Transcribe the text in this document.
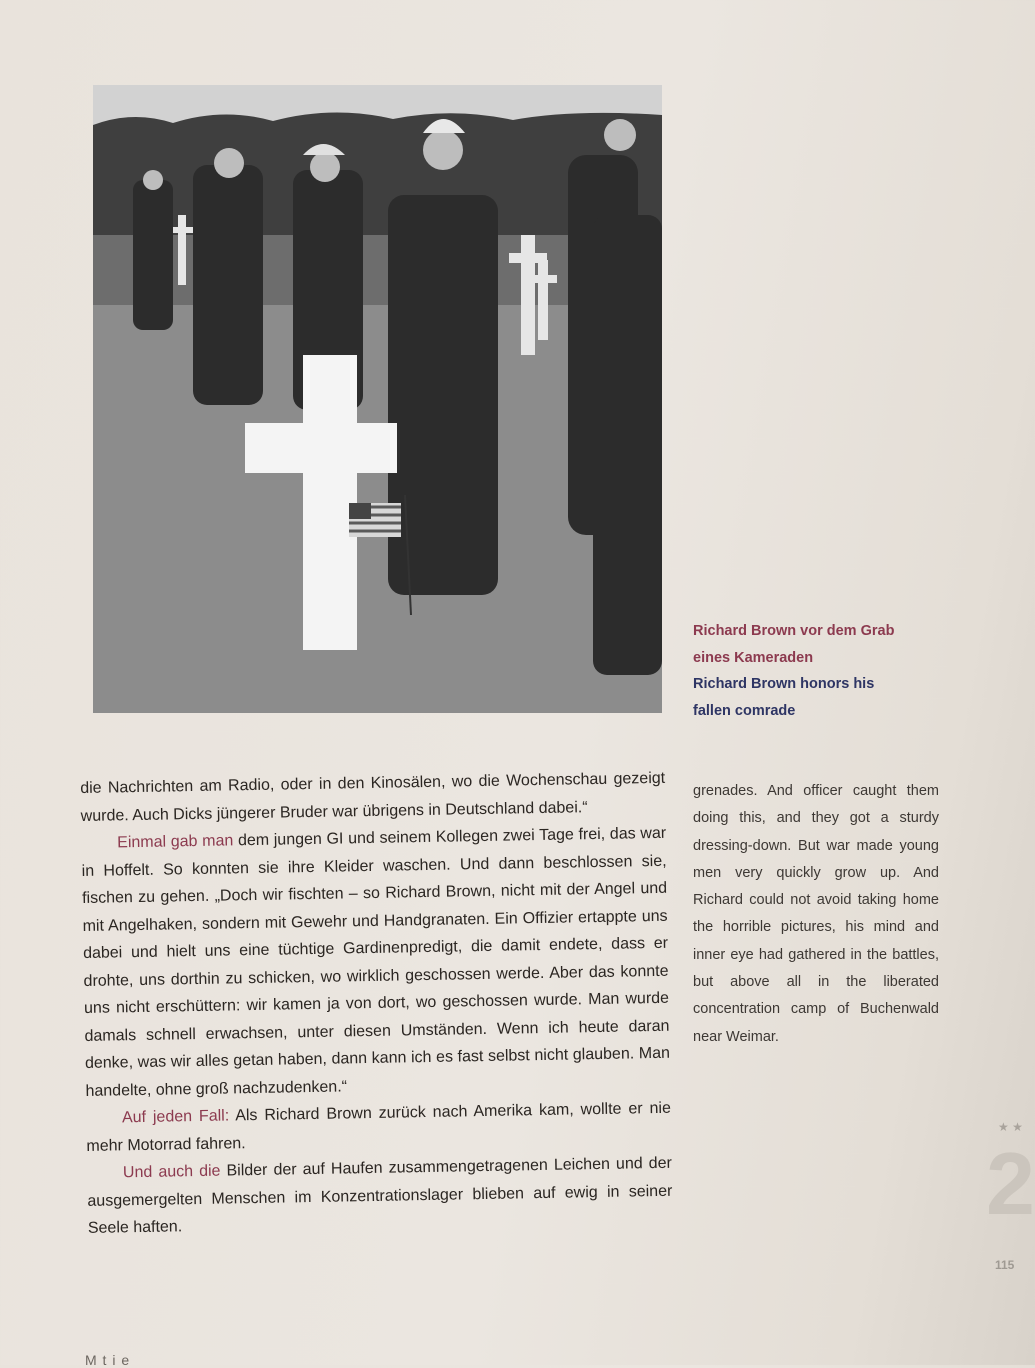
Richard Brown vor dem Grab
eines Kameraden
Richard Brown honors his
fallen comrade

die Nachrichten am Radio, oder in den Kinosälen, wo die Wochenschau gezeigt wurde. Auch Dicks jüngerer Bruder war übrigens in Deutschland dabei.“

Einmal gab man dem jungen GI und seinem Kollegen zwei Tage frei, das war in Hoffelt. So konnten sie ihre Kleider waschen. Und dann beschlossen sie, fischen zu gehen. „Doch wir fischten – so Richard Brown, nicht mit der Angel und mit Angelhaken, sondern mit Gewehr und Handgranaten. Ein Offizier ertappte uns dabei und hielt uns eine tüchtige Gardinenpredigt, die damit endete, dass er drohte, uns dorthin zu schicken, wo wirklich geschossen werde. Aber das konnte uns nicht erschüttern: wir kamen ja von dort, wo geschossen wurde. Man wurde damals schnell erwachsen, unter diesen Umständen. Wenn ich heute daran denke, was wir alles getan haben, dann kann ich es fast selbst nicht glauben. Man handelte, ohne groß nachzudenken.“

Auf jeden Fall: Als Richard Brown zurück nach Amerika kam, wollte er nie mehr Motorrad fahren.

Und auch die Bilder der auf Haufen zusammengetragenen Leichen und der ausgemergelten Menschen im Konzentrationslager blieben auf ewig in seiner Seele haften.

grenades. And officer caught them doing this, and they got a sturdy dressing-down. But war made young men very quickly grow up. And Richard could not avoid taking home the horrible pictures, his mind and inner eye had gathered in the battles, but above all in the liberated concentration camp of Buchenwald near Weimar.

★ ★
2
115
M t i e
